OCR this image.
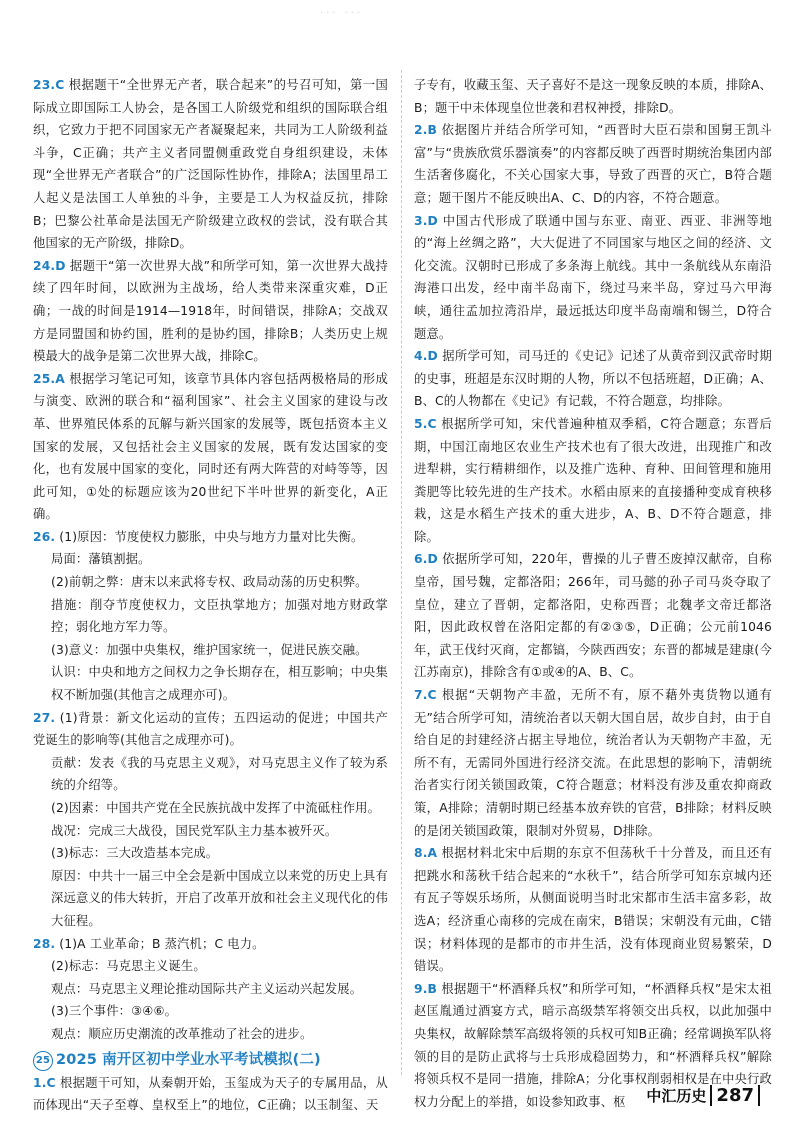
··· ···

23.C 根据题干“全世界无产者，联合起来”的号召可知，第一国际成立即国际工人协会，是各国工人阶级党和组织的国际联合组织，它致力于把不同国家无产者凝聚起来，共同为工人阶级利益斗争，C正确；共产主义者同盟侧重政党自身组织建设，未体现“全世界无产者联合”的广泛国际性协作，排除A；法国里昂工人起义是法国工人单独的斗争，主要是工人为权益反抗，排除B；巴黎公社革命是法国无产阶级建立政权的尝试，没有联合其他国家的无产阶级，排除D。

24.D 据题干“第一次世界大战”和所学可知，第一次世界大战持续了四年时间，以欧洲为主战场，给人类带来深重灾难，D正确；一战的时间是1914—1918年，时间错误，排除A；交战双方是同盟国和协约国，胜利的是协约国，排除B；人类历史上规模最大的战争是第二次世界大战，排除C。

25.A 根据学习笔记可知，该章节具体内容包括两极格局的形成与演变、欧洲的联合和“福利国家”、社会主义国家的建设与改革、世界殖民体系的瓦解与新兴国家的发展等，既包括资本主义国家的发展，又包括社会主义国家的发展，既有发达国家的变化，也有发展中国家的变化，同时还有两大阵营的对峙等等，因此可知，①处的标题应该为20世纪下半叶世界的新变化，A正确。

26. (1)原因：节度使权力膨胀，中央与地方力量对比失衡。

局面：藩镇割据。

(2)前朝之弊：唐末以来武将专权、政局动荡的历史积弊。

措施：削夺节度使权力，文臣执掌地方；加强对地方财政掌控；弱化地方军力等。

(3)意义：加强中央集权，维护国家统一，促进民族交融。

认识：中央和地方之间权力之争长期存在，相互影响；中央集权不断加强(其他言之成理亦可)。

27. (1)背景：新文化运动的宣传；五四运动的促进；中国共产党诞生的影响等(其他言之成理亦可)。

贡献：发表《我的马克思主义观》，对马克思主义作了较为系统的介绍等。

(2)因素：中国共产党在全民族抗战中发挥了中流砥柱作用。

战况：完成三大战役，国民党军队主力基本被歼灭。

(3)标志：三大改造基本完成。

原因：中共十一届三中全会是新中国成立以来党的历史上具有深远意义的伟大转折，开启了改革开放和社会主义现代化的伟大征程。

28. (1)A 工业革命；B 蒸汽机；C 电力。

(2)标志：马克思主义诞生。

观点：马克思主义理论推动国际共产主义运动兴起发展。

(3)三个事件：③④⑥。

观点：顺应历史潮流的改革推动了社会的进步。

25 2025 南开区初中学业水平考试模拟(二)

1.C 根据题干可知，从秦朝开始，玉玺成为天子的专属用品，从而体现出“天子至尊、皇权至上”的地位，C正确；以玉制玺、天

子专有，收藏玉玺、天子喜好不是这一现象反映的本质，排除A、B；题干中未体现皇位世袭和君权神授，排除D。

2.B 依据图片并结合所学可知，“西晋时大臣石崇和国舅王凯斗富”与“贵族欣赏乐器演奏”的内容都反映了西晋时期统治集团内部生活奢侈腐化，不关心国家大事，导致了西晋的灭亡，B符合题意；题干图片不能反映出A、C、D的内容，不符合题意。

3.D 中国古代形成了联通中国与东亚、南亚、西亚、非洲等地的“海上丝绸之路”，大大促进了不同国家与地区之间的经济、文化交流。汉朝时已形成了多条海上航线。其中一条航线从东南沿海港口出发，经中南半岛南下，绕过马来半岛，穿过马六甲海峡，通往孟加拉湾沿岸，最远抵达印度半岛南端和锡兰，D符合题意。

4.D 据所学可知，司马迁的《史记》记述了从黄帝到汉武帝时期的史事，班超是东汉时期的人物，所以不包括班超，D正确；A、B、C的人物都在《史记》有记载，不符合题意，均排除。

5.C 根据所学可知，宋代普遍种植双季稻，C符合题意；东晋后期，中国江南地区农业生产技术也有了很大改进，出现推广和改进犁耕，实行精耕细作，以及推广选种、育种、田间管理和施用粪肥等比较先进的生产技术。水稻由原来的直接播种变成育秧移栽，这是水稻生产技术的重大进步，A、B、D不符合题意，排除。

6.D 依据所学可知，220年，曹操的儿子曹丕废掉汉献帝，自称皇帝，国号魏，定都洛阳；266年，司马懿的孙子司马炎夺取了皇位，建立了晋朝，定都洛阳，史称西晋；北魏孝文帝迁都洛阳，因此政权曾在洛阳定都的有②③⑤，D正确；公元前1046年，武王伐纣灭商，定都镐，今陕西西安；东晋的都城是建康(今江苏南京)，排除含有①或④的A、B、C。

7.C 根据“天朝物产丰盈，无所不有，原不藉外夷货物以通有无”结合所学可知，清统治者以天朝大国自居，故步自封，由于自给自足的封建经济占据主导地位，统治者认为天朝物产丰盈，无所不有，无需同外国进行经济交流。在此思想的影响下，清朝统治者实行闭关锁国政策，C符合题意；材料没有涉及重农抑商政策，A排除；清朝时期已经基本放弃铁的官营，B排除；材料反映的是闭关锁国政策，限制对外贸易，D排除。

8.A 根据材料北宋中后期的东京不但荡秋千十分普及，而且还有把跳水和荡秋千结合起来的“水秋千”，结合所学可知东京城内还有瓦子等娱乐场所，从侧面说明当时北宋都市生活丰富多彩，故选A；经济重心南移的完成在南宋，B错误；宋朝没有元曲，C错误；材料体现的是都市的市井生活，没有体现商业贸易繁荣，D错误。

9.B 根据题干“杯酒释兵权”和所学可知，“杯酒释兵权”是宋太祖赵匡胤通过酒宴方式，暗示高级禁军将领交出兵权，以此加强中央集权，故解除禁军高级将领的兵权可知B正确；经常调换军队将领的目的是防止武将与士兵形成稳固势力，和“杯酒释兵权”解除将领兵权不是同一措施，排除A；分化事权削弱相权是在中央行政权力分配上的举措，如设参知政事、枢	中汇历史 287
